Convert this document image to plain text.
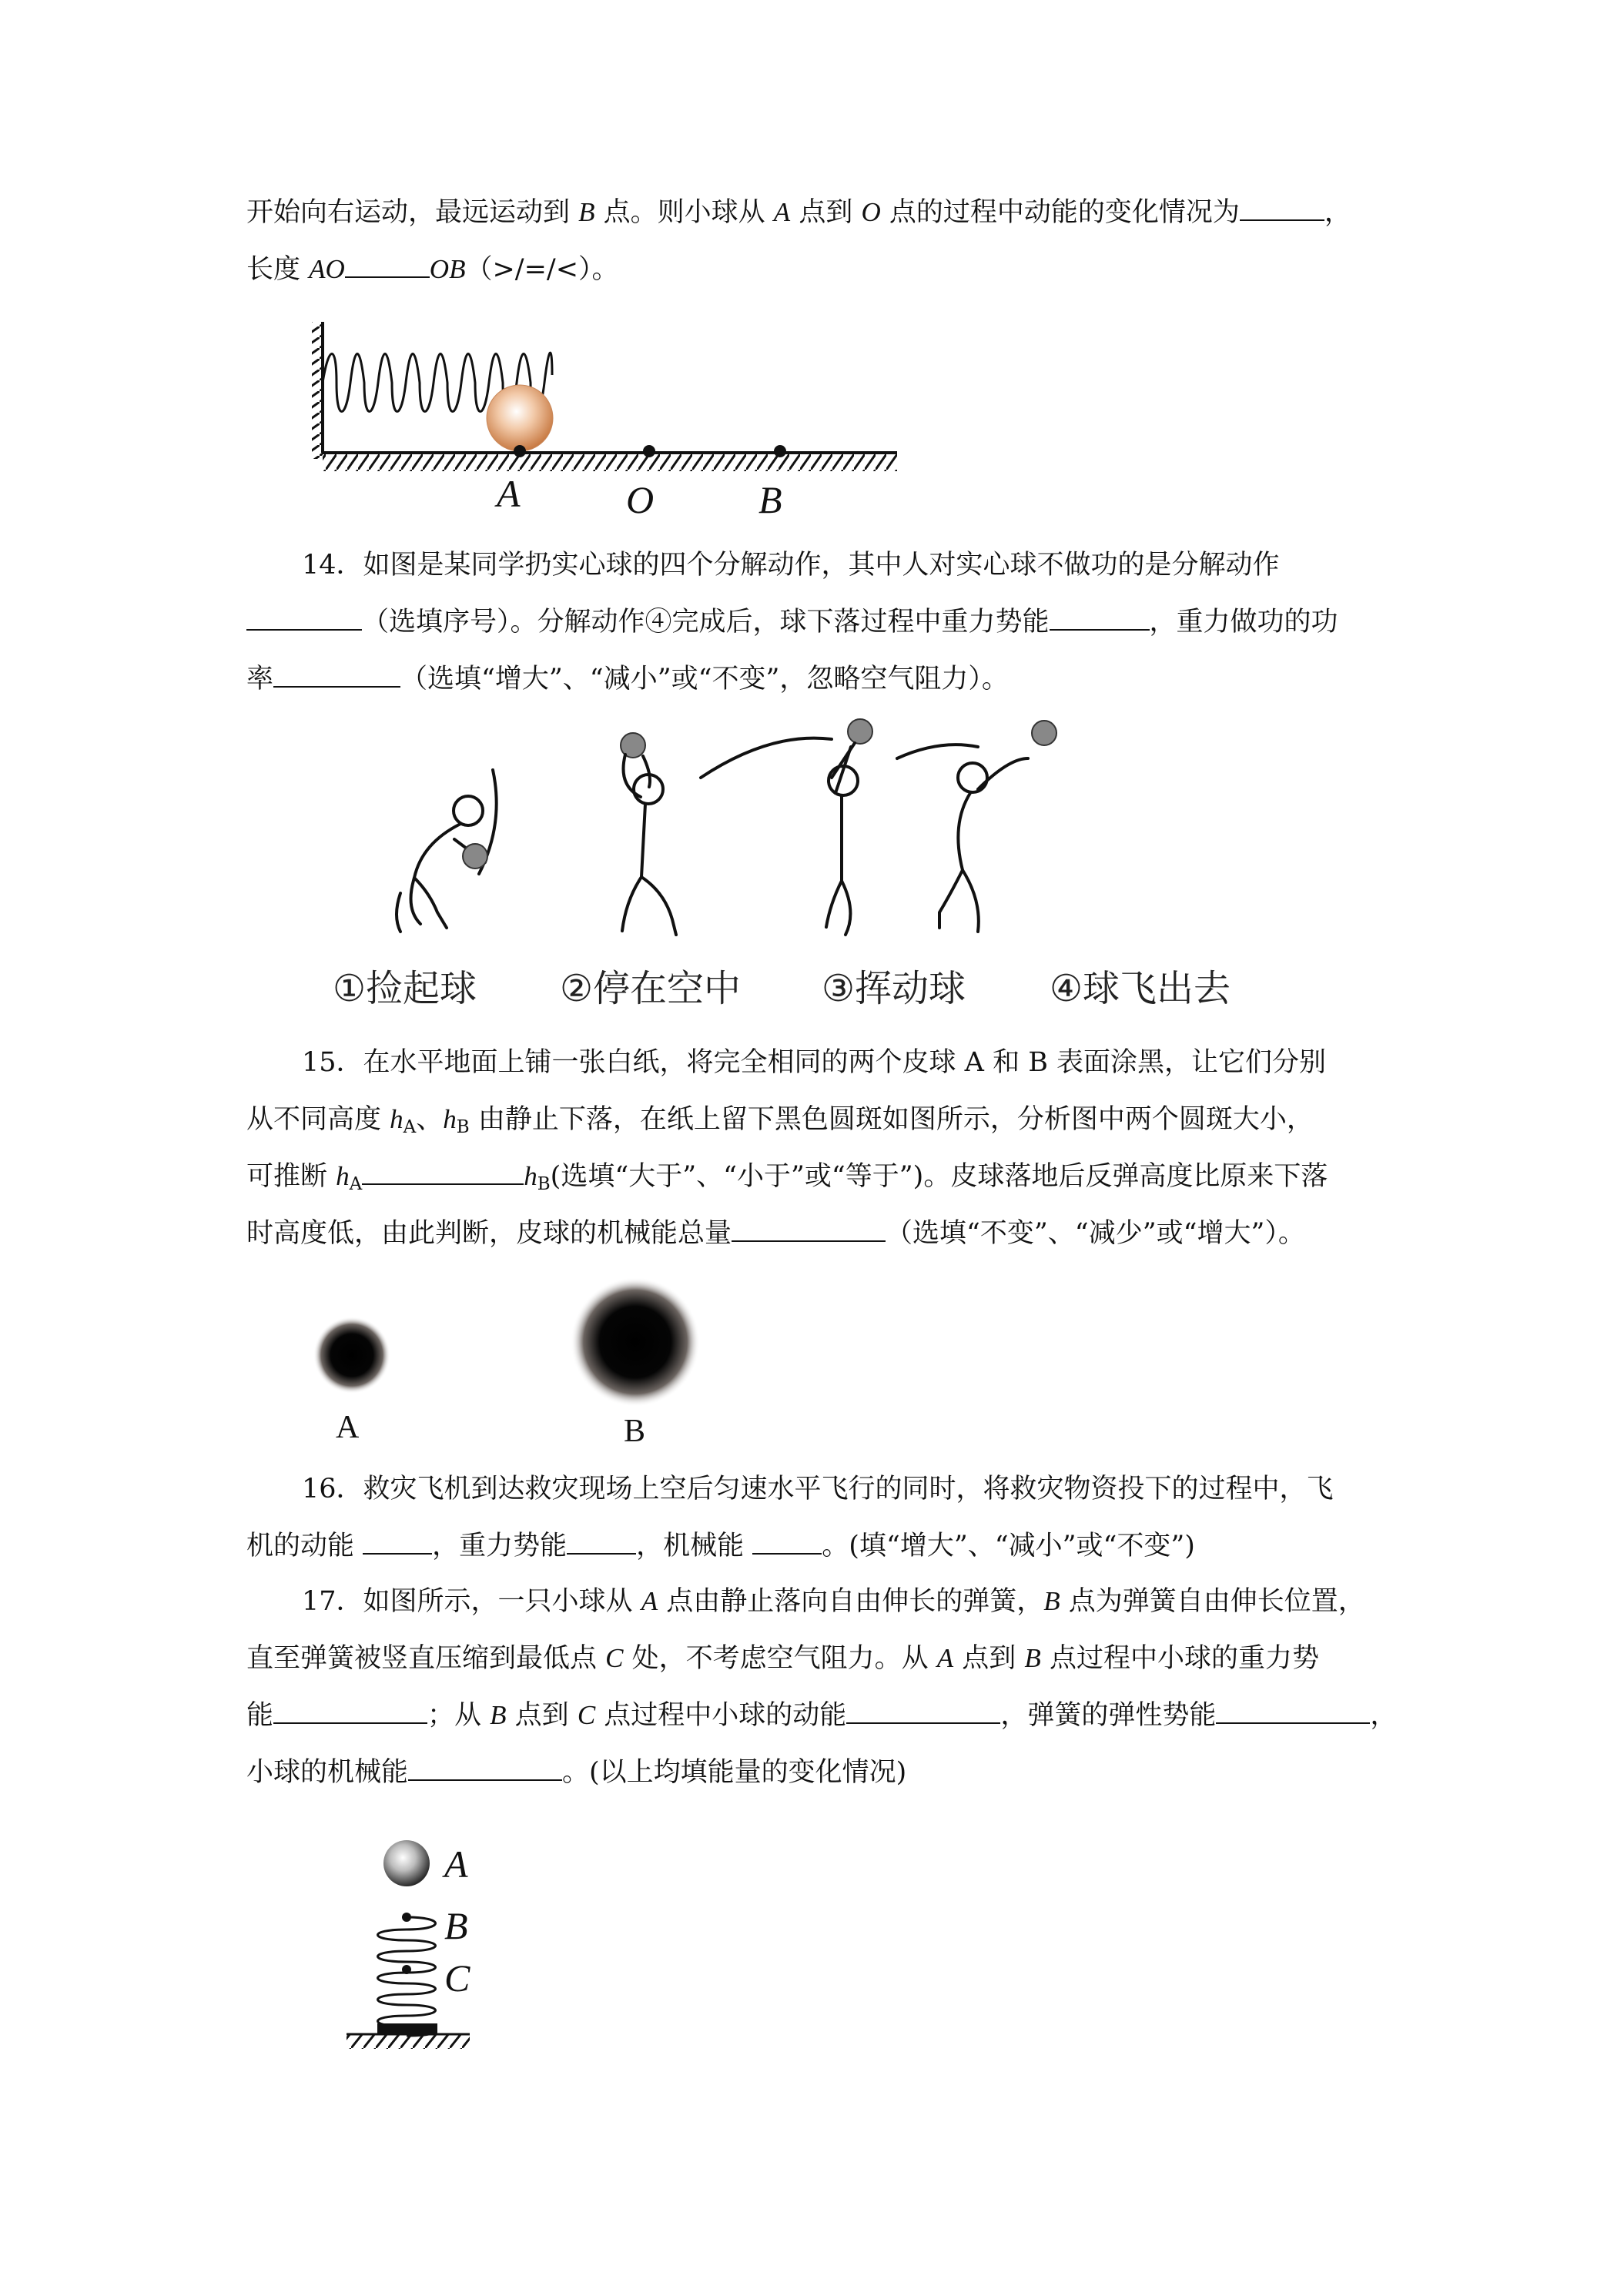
开始向右运动，最远运动到 B 点。则小球从 A 点到 O 点的过程中动能的变化情况为	，
长度 AO	OB（>/=/<）。
A	O	B
14．如图是某同学扔实心球的四个分解动作，其中人对实心球不做功的是分解动作
（选填序号）。分解动作④完成后，球下落过程中重力势能	，重力做功的功
率	（选填“增大”、“减小”或“不变”，忽略空气阻力）。
①捡起球 ②停在空中 ③挥动球 ④球飞出去
15．在水平地面上铺一张白纸，将完全相同的两个皮球 A 和 B 表面涂黑，让它们分别
从不同高度 $h_A$、$h_B$ 由静止下落，在纸上留下黑色圆斑如图所示，分析图中两个圆斑大小，
可推断 $h_A$	$h_B$(选填“大于”、“小于”或“等于”)。皮球落地后反弹高度比原来下落
时高度低，由此判断，皮球的机械能总量	（选填“不变”、“减少”或“增大”）。
A	B
16．救灾飞机到达救灾现场上空后匀速水平飞行的同时，将救灾物资投下的过程中，飞
机的动能	，重力势能	，机械能	。(填“增大”、“减小”或“不变”)
17．如图所示，一只小球从 A 点由静止落向自由伸长的弹簧，B 点为弹簧自由伸长位置，
直至弹簧被竖直压缩到最低点 C 处，不考虑空气阻力。从 A 点到 B 点过程中小球的重力势
能	；从 B 点到 C 点过程中小球的动能	，弹簧的弹性势能	，
小球的机械能	。(以上均填能量的变化情况)
A
B
C
